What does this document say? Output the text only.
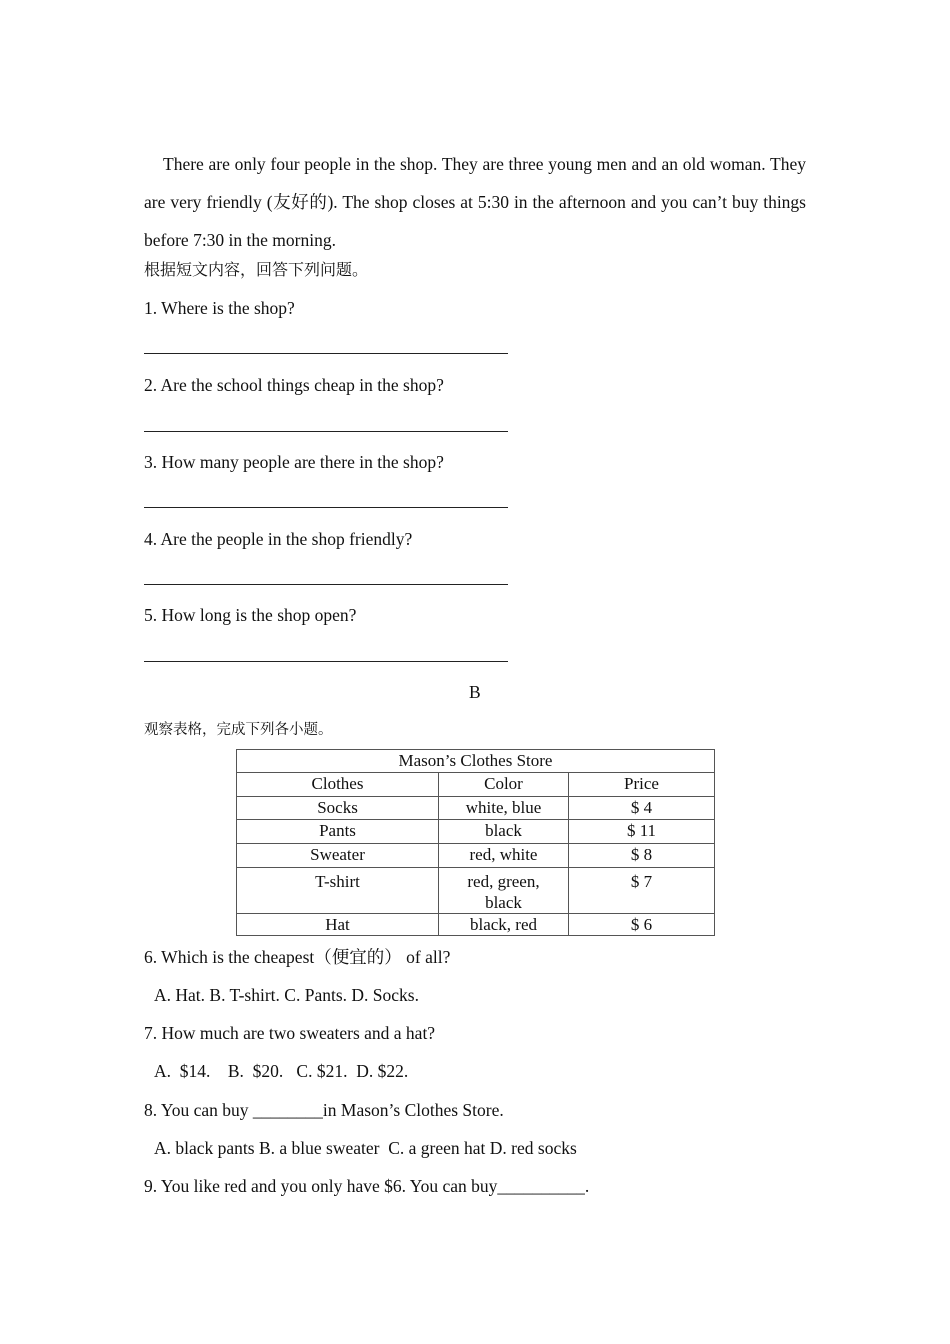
There are only four people in the shop. They are three young men and an old woman. They are very friendly (友好的). The shop closes at 5:30 in the afternoon and you can’t buy things before 7:30 in the morning.
根据短文内容，回答下列问题。
1. Where is the shop?
2. Are the school things cheap in the shop?
3. How many people are there in the shop?
4. Are the people in the shop friendly?
5. How long is the shop open?
B
观察表格，完成下列各小题。
Mason’s Clothes Store		
Clothes	Color	Price
Socks	white, blue	$ 4
Pants	black	$ 11
Sweater	red, white	$ 8
T-shirt	red, green, black	$ 7
Hat	black, red	$ 6
6. Which is the cheapest（便宜的） of all?
A. Hat. B. T-shirt. C. Pants. D. Socks.
7. How much are two sweaters and a hat?
A.  $14.    B.  $20.   C. $21.  D. $22.
8. You can buy ________in Mason’s Clothes Store.
A. black pants B. a blue sweater  C. a green hat D. red socks
9. You like red and you only have $6. You can buy__________.
